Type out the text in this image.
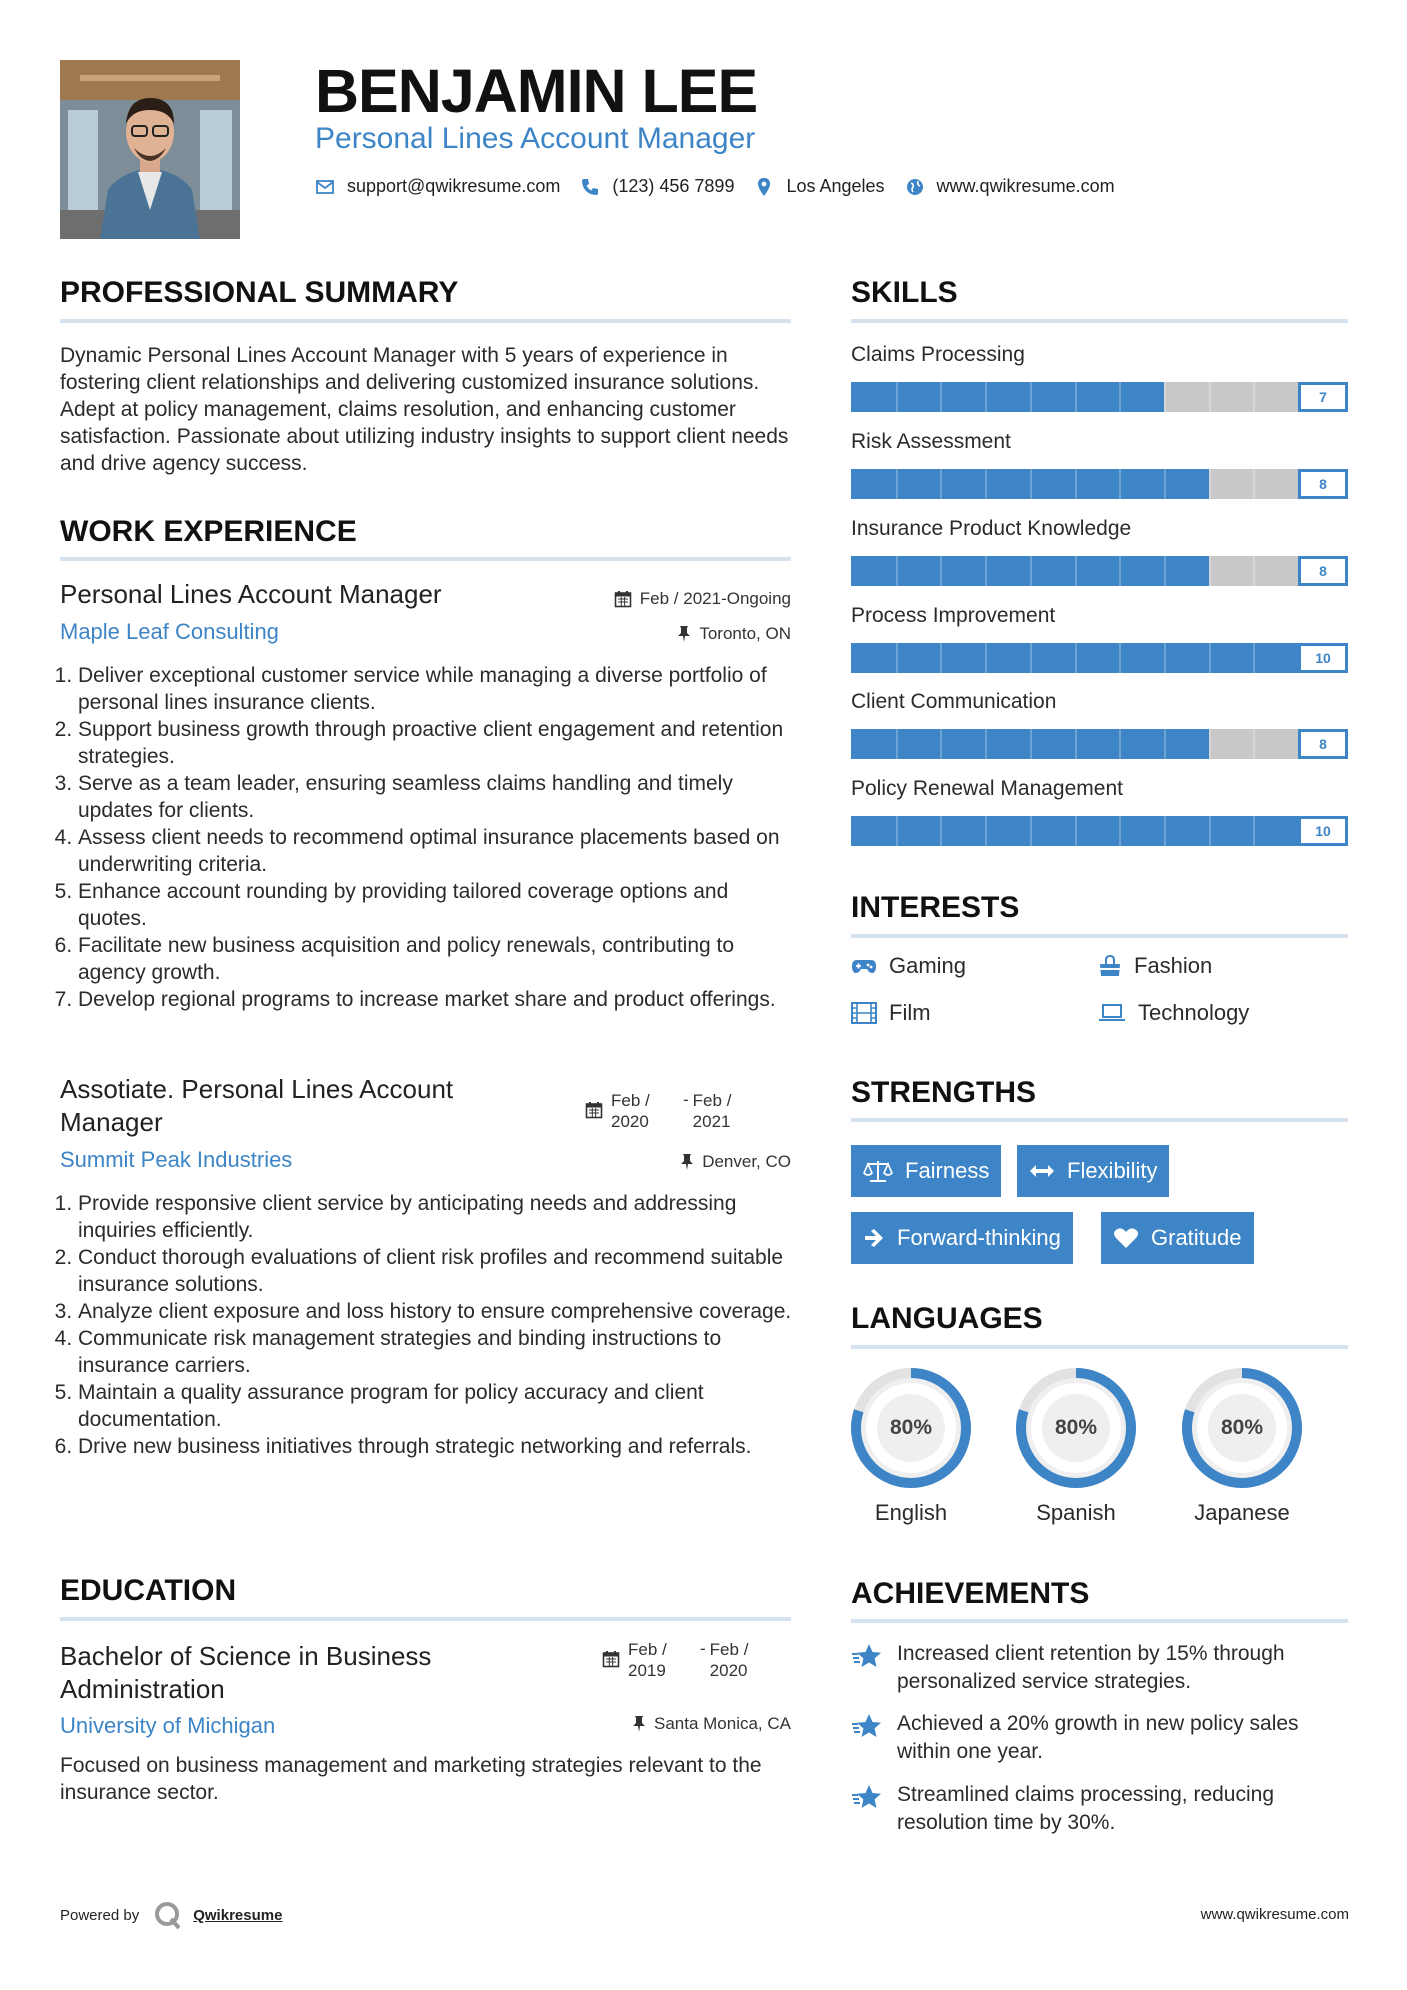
BENJAMIN LEE
Personal Lines Account Manager
support@qwikresume.com	(123) 456 7899	Los Angeles	www.qwikresume.com
PROFESSIONAL SUMMARY
Dynamic Personal Lines Account Manager with 5 years of experience in fostering client relationships and delivering customized insurance solutions. Adept at policy management, claims resolution, and enhancing customer satisfaction. Passionate about utilizing industry insights to support client needs and drive agency success.
WORK EXPERIENCE
Personal Lines Account Manager	Feb / 2021-Ongoing
Maple Leaf Consulting	Toronto, ON
1. Deliver exceptional customer service while managing a diverse portfolio of personal lines insurance clients.
2. Support business growth through proactive client engagement and retention strategies.
3. Serve as a team leader, ensuring seamless claims handling and timely updates for clients.
4. Assess client needs to recommend optimal insurance placements based on underwriting criteria.
5. Enhance account rounding by providing tailored coverage options and quotes.
6. Facilitate new business acquisition and policy renewals, contributing to agency growth.
7. Develop regional programs to increase market share and product offerings.
Assotiate. Personal Lines Account Manager
Feb / 2020
- Feb / 2021
Summit Peak Industries	Denver, CO
1. Provide responsive client service by anticipating needs and addressing inquiries efficiently.
2. Conduct thorough evaluations of client risk profiles and recommend suitable insurance solutions.
3. Analyze client exposure and loss history to ensure comprehensive coverage.
4. Communicate risk management strategies and binding instructions to insurance carriers.
5. Maintain a quality assurance program for policy accuracy and client documentation.
6. Drive new business initiatives through strategic networking and referrals.
EDUCATION
Bachelor of Science in Business Administration
Feb / 2019
- Feb / 2020
University of Michigan	Santa Monica, CA
Focused on business management and marketing strategies relevant to the insurance sector.
SKILLS
Claims Processing
7
Risk Assessment
8
Insurance Product Knowledge
8
Process Improvement
10
Client Communication
8
Policy Renewal Management
10
INTERESTS
Gaming	Fashion
Film	Technology
STRENGTHS
Fairness	Flexibility
Forward-thinking	Gratitude
LANGUAGES
80%
English
80%
Spanish
80%
Japanese
ACHIEVEMENTS
Increased client retention by 15% through personalized service strategies.
Achieved a 20% growth in new policy sales within one year.
Streamlined claims processing, reducing resolution time by 30%.
Powered by	Qwikresume	www.qwikresume.com
